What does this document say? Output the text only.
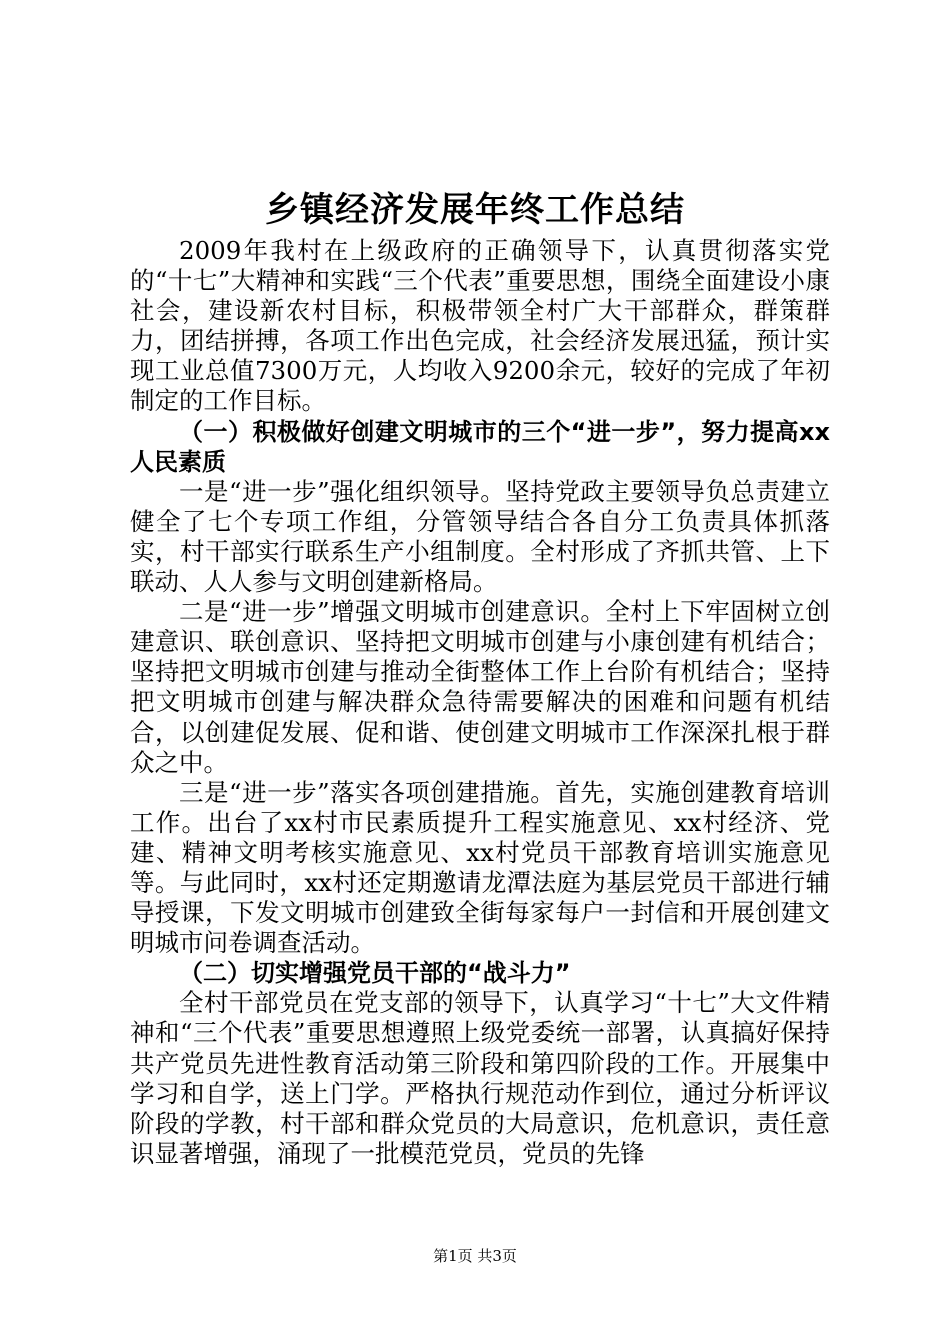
乡镇经济发展年终工作总结

2009年我村在上级政府的正确领导下，认真贯彻落实党的“十七”大精神和实践“三个代表”重要思想，围绕全面建设小康社会，建设新农村目标，积极带领全村广大干部群众，群策群力，团结拼搏，各项工作出色完成，社会经济发展迅猛，预计实现工业总值7300万元，人均收入9200余元，较好的完成了年初制定的工作目标。

（一）积极做好创建文明城市的三个“进一步”，努力提高xx人民素质

一是“进一步”强化组织领导。坚持党政主要领导负总责建立健全了七个专项工作组，分管领导结合各自分工负责具体抓落实，村干部实行联系生产小组制度。全村形成了齐抓共管、上下联动、人人参与文明创建新格局。

二是“进一步”增强文明城市创建意识。全村上下牢固树立创建意识、联创意识、坚持把文明城市创建与小康创建有机结合；坚持把文明城市创建与推动全街整体工作上台阶有机结合；坚持把文明城市创建与解决群众急待需要解决的困难和问题有机结合，以创建促发展、促和谐、使创建文明城市工作深深扎根于群众之中。

三是“进一步”落实各项创建措施。首先，实施创建教育培训工作。出台了xx村市民素质提升工程实施意见、xx村经济、党建、精神文明考核实施意见、xx村党员干部教育培训实施意见等。与此同时，xx村还定期邀请龙潭法庭为基层党员干部进行辅导授课，下发文明城市创建致全街每家每户一封信和开展创建文明城市问卷调查活动。

（二）切实增强党员干部的“战斗力”

全村干部党员在党支部的领导下，认真学习“十七”大文件精神和“三个代表”重要思想遵照上级党委统一部署，认真搞好保持共产党员先进性教育活动第三阶段和第四阶段的工作。开展集中学习和自学，送上门学。严格执行规范动作到位，通过分析评议阶段的学教，村干部和群众党员的大局意识，危机意识，责任意识显著增强，涌现了一批模范党员，党员的先锋

第1页 共3页
